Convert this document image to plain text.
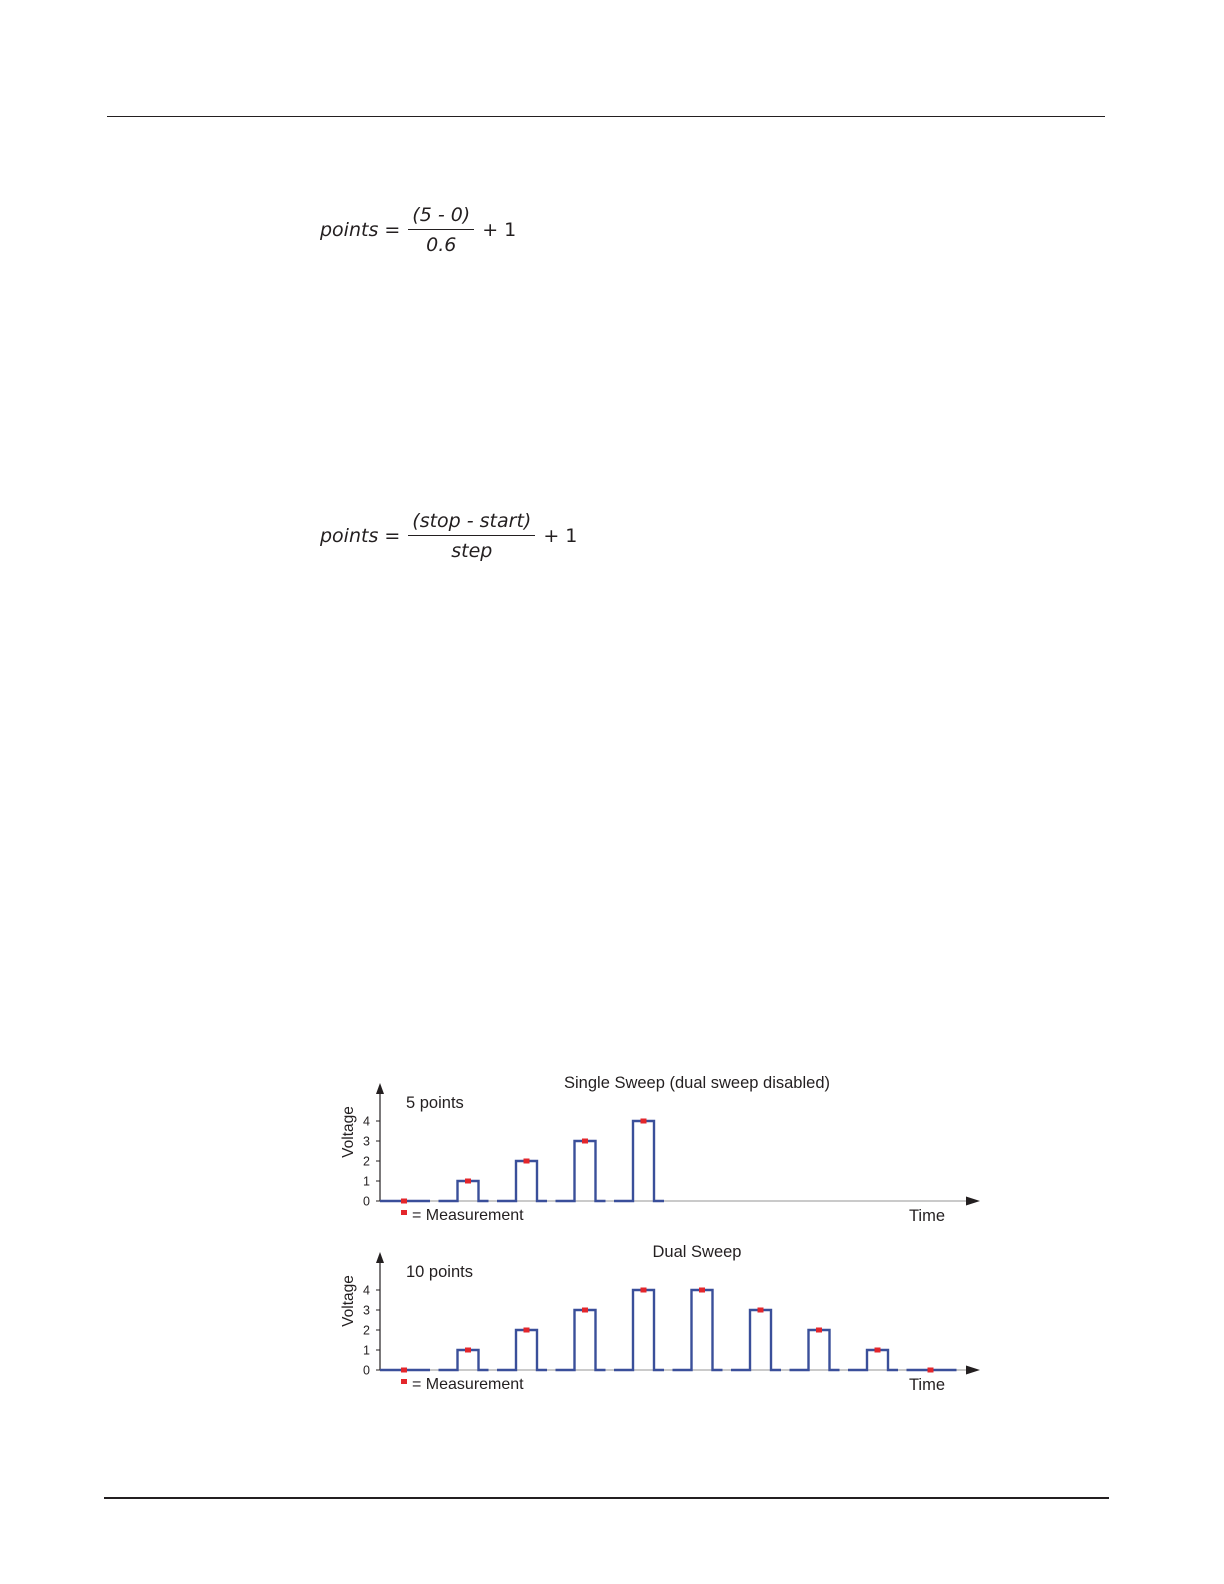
points = $\frac{(5 - 0)}{0.6} + 1$
points = $\frac{\text{(stop - start)}}{\text{step}} + 1$
Single Sweep (dual sweep disabled)
5 points
0
1
2
3
4
Voltage
Time
= Measurement
Dual Sweep
10 points
0
1
2
3
4
Voltage
Time
= Measurement
